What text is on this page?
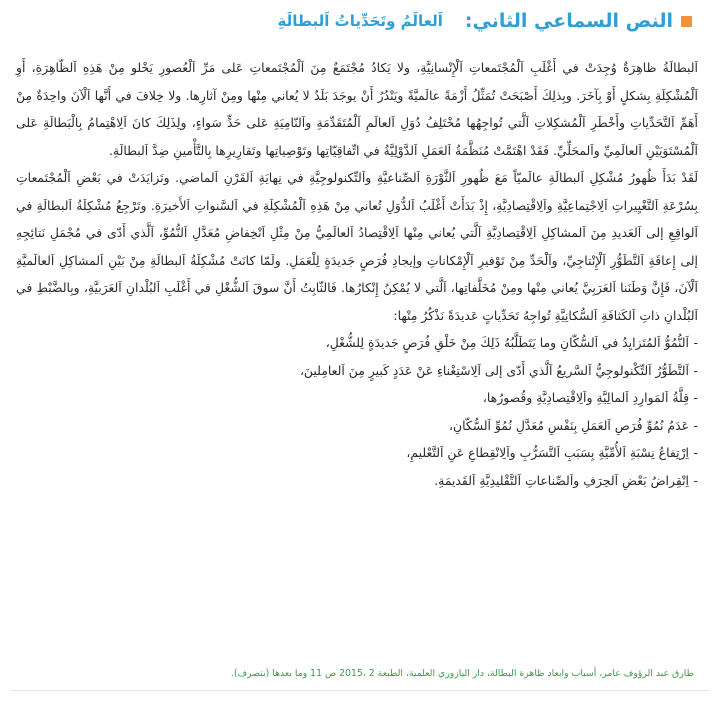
النص السماعي الثاني:
اَلعالَمُ وتَحَدِّياتُ اَلبطالَةِ

اَلبطالَةُ ظاهِرَةٌ وُجِدَتْ في أَغْلَبِ اَلْمُجْتَمعاتِ اَلْإِنْسانِيَّةِ، ولا يَكادُ مُجْتَمَعٌ مِنَ اَلْمُجْتَمعاتِ عَلى مَرِّ اَلْعُصورِ يَخْلو مِنْ هَذِهِ اَلظّاهِرَةِ، أَوِ اَلْمُشْكِلَةِ بِشكلٍ أَوْ بِآخَرَ. وبِذلِكَ أَصْبَحَتْ تُمَثِّلُ أَزْمَةً عالَميَّةً ويَنْدُرُ أَنْ يوجَدَ بَلَدٌ لا يُعاني مِنْها ومِنْ آثارِها. ولا خِلافَ في أَنَّها اَلْآنَ واحِدَةٌ مِنْ أَهَمِّ اَلتَّحَدِّياتِ وأَخْطَرِ اَلْمُشكِلاتِ اَلَّتي تُواجِهُها مُخْتَلِفُ دُوَلِ اَلعالَمِ اَلْمُتَقَدِّمَةِ واَلنّامِيَةِ عَلى حَدٍّ سَواءٍ، ولِذَلِكَ كانَ اَلِاهْتِمامُ بِالْبَطالَةِ عَلى اَلْمُسْتَوَيَيْنِ اَلعالَمِيِّ واَلمحَلِّيِّ. فَقَدْ اهْتَمَّتْ مُنَظَّمَةُ اَلعَمَلِ اَلدَّوْلِيَّةُ في اتِّفاقِيّاتِها وتَوْصِياتِها وتَقارِيرِها بِالتَّأْمينِ ضِدَّ اَلبطالَةِ.

لَقَدْ بَدَأَ ظُهورُ مُشْكِلِ اَلبطالَةِ عالَميّاً مَعَ ظُهورِ اَلثَّوْرَةِ اَلصِّناعيَّةِ واَلتِّكنولوجِيَّةِ في نِهايَةِ اَلقَرْنِ اَلماضي. وتَزايَدَتْ في بَعْضِ اَلْمُجْتَمعاتِ بِسُرْعَةِ اَلتَّغْيِيراتِ اَلِاجْتِماعِيَّةِ واَلِاقْتِصادِيَّةِ، إِذْ بَدَأَتْ أَغْلَبُ اَلدُّوَلِ تُعاني مِنْ هَذِهِ اَلْمُشْكِلَةِ في اَلسَّنواتِ اَلأَخيرَةِ. وتَرْجِعُ مُشْكِلَةُ اَلبطالَةِ في اَلواقِعِ إلى اَلعَديدِ مِنَ اَلمشاكِلِ اَلِاقْتِصادِيَّةِ اَلَّتي يُعاني مِنْها اَلِاقْتِصادُ اَلعالَمِيُّ مِنْ مِثْلِ اَنْخِفاضِ مُعَدَّلِ اَلنُّمُوِّ، اَلَّذي أَدّى في مُجْمَلِ نَتائِجِهِ إلى إِعاقَةِ اَلتَّطَوُّرِ اَلْإِنْتاجِيِّ، واَلْحَدِّ مِنْ تَوْفيرِ اَلْإِمْكاناتِ وإيجادِ فُرَصٍ جَديدَةٍ لِلْعَمَلِ. ولَمّا كانَتْ مُشْكِلَةُ اَلبطالَةِ مِنْ بَيْنِ اَلمشاكِلِ اَلعالَميَّةِ اَلْآنَ، فَإِنَّ وَطَنَنا اَلعَرَبِيَّ يُعاني مِنْها ومِنْ مُخَلَّفاتِها، اَلَّتي لا يُمْكِنُ إِنْكارُها. فَالثّابِتُ أَنَّ سوقَ اَلشُّغْلِ في أَغْلَبِ اَلبُلْدانِ اَلعَرَبيَّةِ، وبِالضَّبْطِ في اَلبُلْدانِ ذاتِ اَلكَثافَةِ اَلسُّكانِيَّةِ تُواجِهُ تَحَدِّياتٍ عَديدَةً نَذْكُرُ مِنْها:

- اَلنُّمُوُّ اَلمُتَزايِدُ في اَلسُّكّانِ وما يَتَطَلَّبُهُ ذَلِكَ مِنْ خَلْقِ فُرَصٍ جَديدَةٍ لِلشُّغْلِ،
- اَلتَّطَوُّرُ اَلتِّكْنولوجِيُّ اَلسَّريعُ اَلَّذي أَدّى إلى اَلِاسْتِغْناءِ عَنْ عَدَدٍ كَبيرٍ مِنَ اَلعامِلينَ،
- قِلَّةُ اَلمَوارِدِ اَلمالِيَّةِ واَلِاقْتِصادِيَّةِ وقُصورُها،
- عَدَمُ نُمُوِّ فُرَصِ اَلعَمَلِ بِنَفْسِ مُعَدَّلِ نُمُوِّ اَلسُّكّانِ،
- اِرْتِفاعُ نِسْبَةِ اَلأُمِّيَّةِ بِسَبَبِ اَلتَّسَرُّبِ واَلِانْقِطاعِ عَنِ اَلتَّعْليمِ،
- اِنْقِراضُ بَعْضِ اَلحِرَفِ واَلصِّناعاتِ اَلتَّقْليدِيَّةِ اَلقَديمَةِ.
طارق عبد الرؤوف عامر، أسباب وابعاد ظاهرة البطالة، دار اليازوري العلمية، الطبعة 2 ،2015 ص 11 وما بعدها (بتصرف).
